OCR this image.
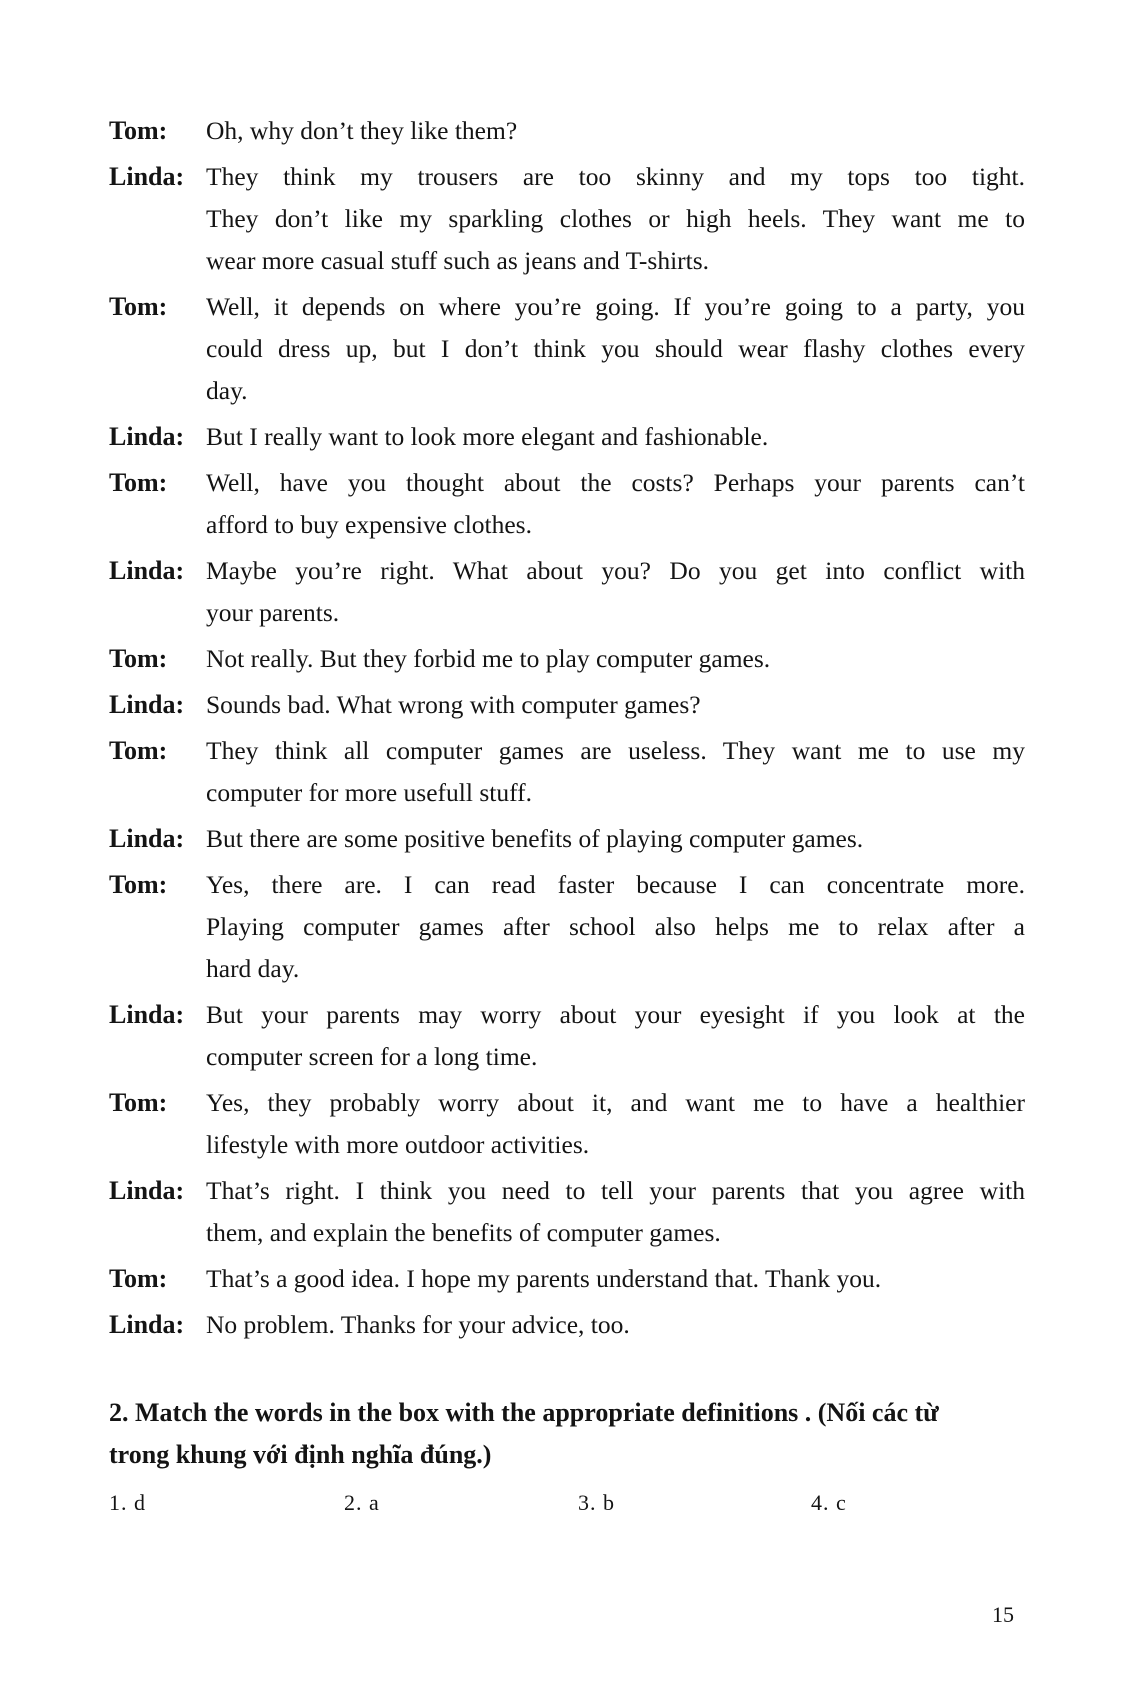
Tom:	Oh, why don’t they like them?
Linda: They think my trousers are too skinny and my tops too tight.
They don’t like my sparkling clothes or high heels. They want me to
wear more casual stuff such as jeans and T-shirts.
Tom:	Well, it depends on where you’re going. If you’re going to a party, you
could dress up, but I don’t think you should wear flashy clothes every
day.
Linda: But I really want to look more elegant and fashionable.
Tom:	Well, have you thought about the costs? Perhaps your parents can’t
afford to buy expensive clothes.
Linda: Maybe you’re right. What about you? Do you get into conflict with
your parents.
Tom:	Not really. But they forbid me to play computer games.
Linda: Sounds bad. What wrong with computer games?
Tom:	They think all computer games are useless. They want me to use my
computer for more usefull stuff.
Linda: But there are some positive benefits of playing computer games.
Tom:	Yes, there are. I can read faster because I can concentrate more.
Playing computer games after school also helps me to relax after a
hard day.
Linda: But your parents may worry about your eyesight if you look at the
computer screen for a long time.
Tom:	Yes, they probably worry about it, and want me to have a healthier
lifestyle with more outdoor activities.
Linda: That’s right. I think you need to tell your parents that you agree with
them, and explain the benefits of computer games.
Tom:	That’s a good idea. I hope my parents understand that. Thank you.
Linda: No problem. Thanks for your advice, too.
2. Match the words in the box with the appropriate definitions . (Nối các từ
trong khung với định nghĩa đúng.)
1. d	2. a	3. b	4. c
15
